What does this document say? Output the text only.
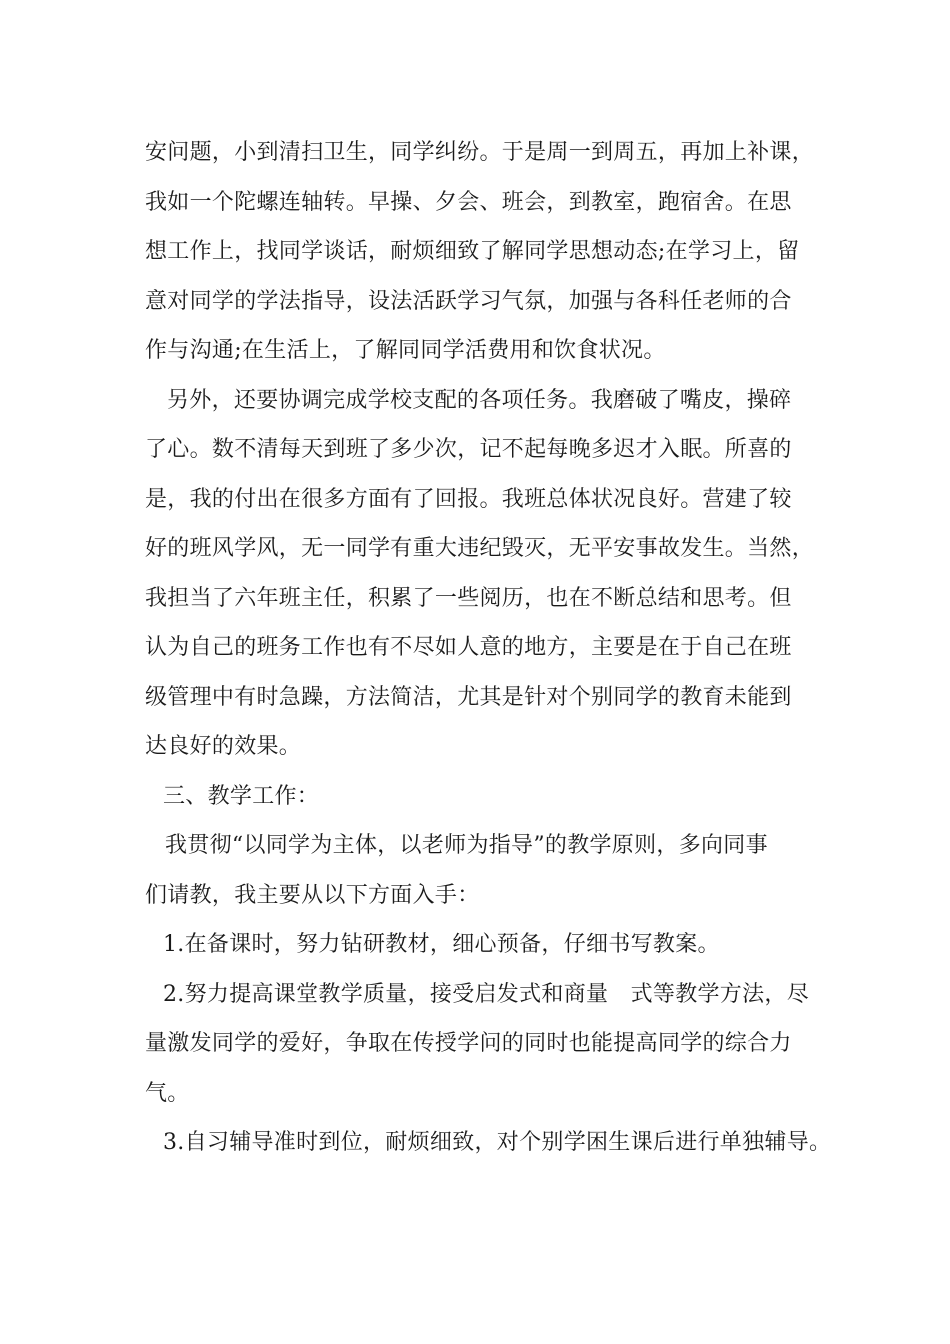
安问题，小到清扫卫生，同学纠纷。于是周一到周五，再加上补课，
我如一个陀螺连轴转。早操、夕会、班会，到教室，跑宿舍。在思
想工作上，找同学谈话，耐烦细致了解同学思想动态;在学习上，留
意对同学的学法指导，设法活跃学习气氛，加强与各科任老师的合
作与沟通;在生活上，了解同同学活费用和饮食状况。
另外，还要协调完成学校支配的各项任务。我磨破了嘴皮，操碎
了心。数不清每天到班了多少次，记不起每晚多迟才入眠。所喜的
是，我的付出在很多方面有了回报。我班总体状况良好。营建了较
好的班风学风，无一同学有重大违纪毁灭，无平安事故发生。当然，
我担当了六年班主任，积累了一些阅历，也在不断总结和思考。但
认为自己的班务工作也有不尽如人意的地方，主要是在于自己在班
级管理中有时急躁，方法简洁，尤其是针对个别同学的教育未能到
达良好的效果。
三、教学工作：
我贯彻“以同学为主体，以老师为指导”的教学原则，多向同事
们请教，我主要从以下方面入手：
1.在备课时，努力钻研教材，细心预备，仔细书写教案。
2.努力提高课堂教学质量，接受启发式和商量　式等教学方法，尽
量激发同学的爱好，争取在传授学问的同时也能提高同学的综合力
气。
3.自习辅导准时到位，耐烦细致，对个别学困生课后进行单独辅导。
